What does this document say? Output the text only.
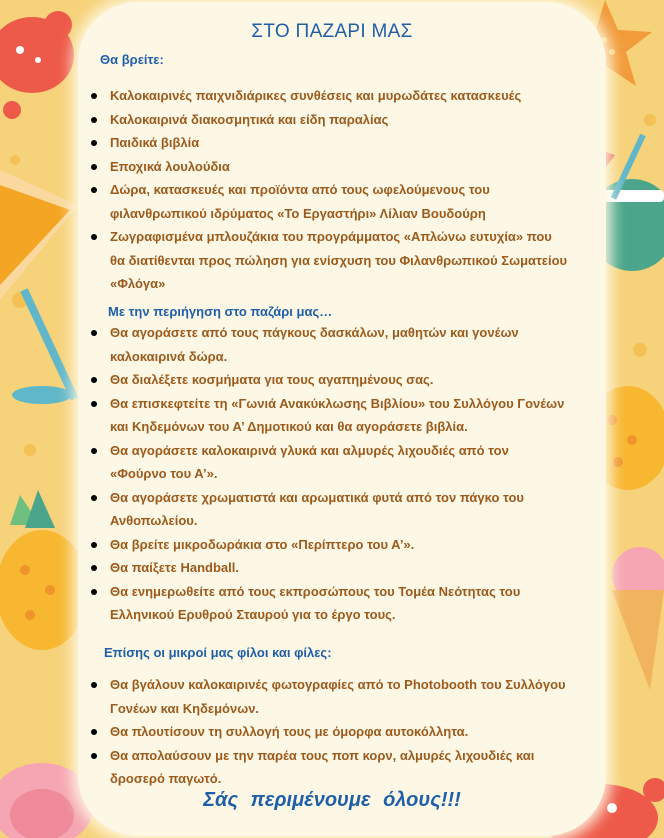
ΣΤΟ ΠΑΖΑΡΙ ΜΑΣ
Θα βρείτε:
Καλοκαιρινές παιχνιδιάρικες συνθέσεις και μυρωδάτες κατασκευές
Καλοκαιρινά διακοσμητικά και είδη παραλίας
Παιδικά βιβλία
Εποχικά λουλούδια
Δώρα, κατασκευές και προϊόντα από τους ωφελούμενους του φιλανθρωπικού ιδρύματος «Το Εργαστήρι» Λίλιαν Βουδούρη
Ζωγραφισμένα μπλουζάκια του προγράμματος «Απλώνω ευτυχία» που θα διατίθενται προς πώληση για ενίσχυση του Φιλανθρωπικού Σωματείου «Φλόγα»
Με την περιήγηση στο παζάρι μας…
Θα αγοράσετε από τους πάγκους δασκάλων, μαθητών και γονέων καλοκαιρινά δώρα.
Θα διαλέξετε κοσμήματα για τους αγαπημένους σας.
Θα επισκεφτείτε τη «Γωνιά Ανακύκλωσης Βιβλίου» του Συλλόγου Γονέων και Κηδεμόνων του Α’ Δημοτικού και θα αγοράσετε βιβλία.
Θα αγοράσετε καλοκαιρινά γλυκά και αλμυρές λιχουδιές από τον «Φούρνο του Α’».
Θα αγοράσετε χρωματιστά και αρωματικά φυτά από τον πάγκο του Ανθοπωλείου.
Θα βρείτε μικροδωράκια στο «Περίπτερο του Α’».
Θα παίξετε Handball.
Θα ενημερωθείτε από τους εκπροσώπους του Τομέα Νεότητας του Ελληνικού Ερυθρού Σταυρού για το έργο τους.
Επίσης οι μικροί μας φίλοι και φίλες:
Θα βγάλουν καλοκαιρινές φωτογραφίες από το Photobooth του Συλλόγου Γονέων και Κηδεμόνων.
Θα πλουτίσουν τη συλλογή τους με όμορφα αυτοκόλλητα.
Θα απολαύσουν με την παρέα τους ποπ κορν, αλμυρές λιχουδιές και δροσερό παγωτό.
Σάς περιμένουμε όλους!!!
